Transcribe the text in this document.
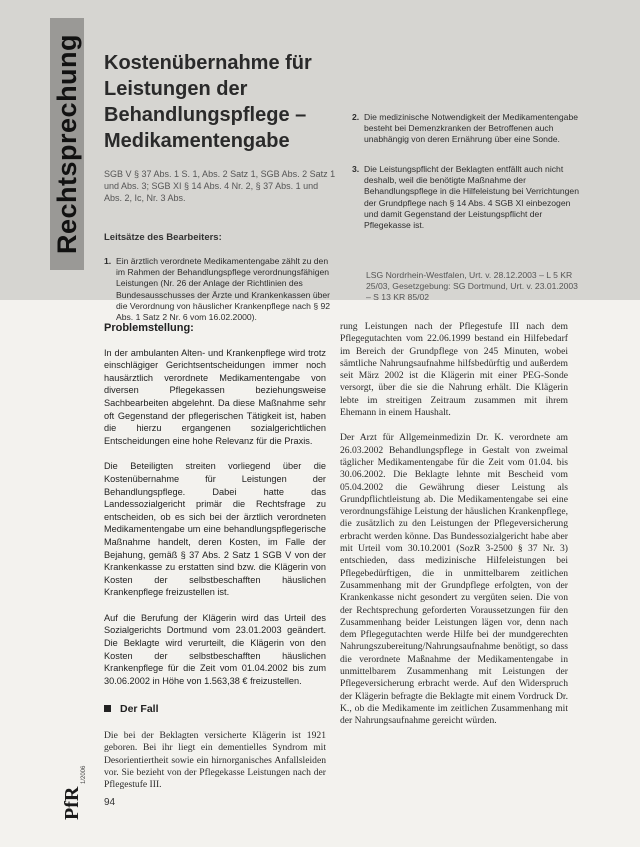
Rechtsprechung Kostenübernahme für
Leistungen der
Behandlungspflege –
Medikamentengabe
SGB V § 37 Abs. 1 S. 1, Abs. 2 Satz 1, SGB Abs. 2 Satz 1 und Abs. 3; SGB XI § 14 Abs. 4 Nr. 2, § 37 Abs. 1 und Abs. 2, Ic, Nr. 3 Abs.
Leitsätze des Bearbeiters:
1. Ein ärztlich verordnete Medikamentengabe zählt zu den im Rahmen der Behandlungspflege verordnungsfähigen Leistungen (Nr. 26 der Anlage der Richtlinien des Bundesausschusses der Ärzte und Krankenkassen über die Verordnung von häuslicher Krankenpflege nach § 92 Abs. 1 Satz 2 Nr. 6 vom 16.02.2000).
2. Die medizinische Notwendigkeit der Medikamentengabe besteht bei Demenzkranken der Betroffenen auch unabhängig von deren Ernährung über eine Sonde.
3. Die Leistungspflicht der Beklagten entfällt auch nicht deshalb, weil die benötigte Maßnahme der Behandlungspflege in die Hilfeleistung bei Verrichtungen der Grundpflege nach § 14 Abs. 4 SGB XI einbezogen und damit Gegenstand der Leistungspflicht der Pflegekasse ist.
LSG Nordrhein-Westfalen, Urt. v. 28.12.2003 – L 5 KR 25/03, Gesetzgebung: SG Dortmund, Urt. v. 23.01.2003 – S 13 KR 85/02
Problemstellung:

In der ambulanten Alten- und Krankenpflege wird trotz einschlägiger Gerichtsentscheidungen immer noch hausärztlich verordnete Medikamentengabe von diversen Pflegekassen beziehungsweise Sachbearbeiten abgelehnt. Da diese Maßnahme sehr oft Gegenstand der pflegerischen Tätigkeit ist, haben die hierzu ergangenen sozialgerichtlichen Entscheidungen eine hohe Relevanz für die Praxis.

Die Beteiligten streiten vorliegend über die Kostenübernahme für Leistungen der Behandlungspflege. Dabei hatte das Landessozialgericht primär die Rechtsfrage zu entscheiden, ob es sich bei der ärztlich verordneten Medikamentengabe um eine behandlungspflegerische Maßnahme handelt, deren Kosten, im Falle der Bejahung, gemäß § 37 Abs. 2 Satz 1 SGB V von der Krankenkasse zu erstatten sind bzw. die Klägerin von Kosten der selbstbeschafften häuslichen Krankenpflege freizustellen ist.

Auf die Berufung der Klägerin wird das Urteil des Sozialgerichts Dortmund vom 23.01.2003 geändert. Die Beklagte wird verurteilt, die Klägerin von den Kosten der selbstbeschafften häuslichen Krankenpflege für die Zeit vom 01.04.2002 bis zum 30.06.2002 in Höhe von 1.563,38 € freizustellen.

Der Fall
Die bei der Beklagten versicherte Klägerin ist 1921 geboren. Bei ihr liegt ein dementielles Syndrom mit Desorientiertheit sowie ein hirnorganisches Anfallsleiden vor. Sie bezieht von der Pflegekasse Leistungen nach der Pflegestufe III.

rung Leistungen nach der Pflegestufe III nach dem Pflegegutachten vom 22.06.1999 bestand ein Hilfebedarf im Bereich der Grundpflege von 245 Minuten, wobei sämtliche Nahrungsaufnahme hilfsbedürftig und außerdem seit März 2002 ist die Klägerin mit einer PEG-Sonde versorgt, über die sie die Nahrung erhält. Die Klägerin lebte im streitigen Zeitraum zusammen mit ihrem Ehemann in einem Haushalt.

Der Arzt für Allgemeinmedizin Dr. K. verordnete am 26.03.2002 Behandlungspflege in Gestalt von zweimal täglicher Medikamentengabe für die Zeit vom 01.04. bis 30.06.2002. Die Beklagte lehnte mit Bescheid vom 05.04.2002 die Gewährung dieser Leistung als Grundpflichtleistung ab. Die Medikamentengabe sei eine verordnungsfähige Leistung der häuslichen Krankenpflege, die zusätzlich zu den Leistungen der Pflegeversicherung erbracht werden könne. Das Bundessozialgericht habe aber mit Urteil vom 30.10.2001 (SozR 3-2500 § 37 Nr. 3) entschieden, dass medizinische Hilfeleistungen bei Pflegebedürftigen, die in unmittelbarem zeitlichen Zusammenhang mit der Grundpflege erfolgten, von der Krankenkasse nicht gesondert zu vergüten seien. Die von der Rechtsprechung geforderten Voraussetzungen für den Zusammenhang beider Leistungen lägen vor, denn nach dem Pflegegutachten werde Hilfe bei der mundgerechten Nahrungszubereitung/Nahrungsaufnahme benötigt, so dass die verordnete Maßnahme der Medikamentengabe in unmittelbarem Zusammenhang mit Leistungen der Pflegeversicherung erbracht werde. Auf den Widerspruch der Klägerin befragte die Beklagte mit einem Vordruck Dr. K., ob die Medikamente im zeitlichen Zusammenhang mit der Nahrungsaufnahme gereicht würden.

PfR
1/2006
94
